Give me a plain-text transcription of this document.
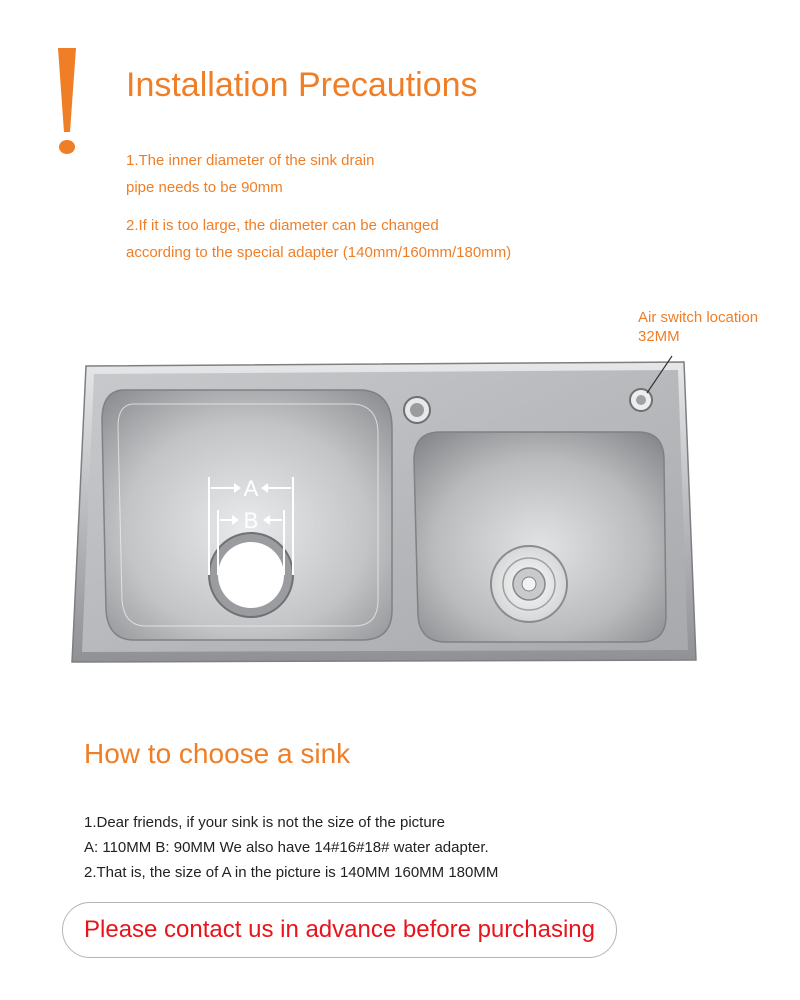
Installation Precautions
1.The inner diameter of the sink drain
pipe needs to be 90mm
2.If it is too large, the diameter can be changed
according to the special adapter (140mm/160mm/180mm)
Air switch location
32MM
A
B
How to choose a sink
1.Dear friends, if your sink is not the size of the picture
A: 110MM B: 90MM We also have 14#16#18# water adapter.
2.That is, the size of A in the picture is 140MM 160MM 180MM
Please contact us in advance before purchasing
